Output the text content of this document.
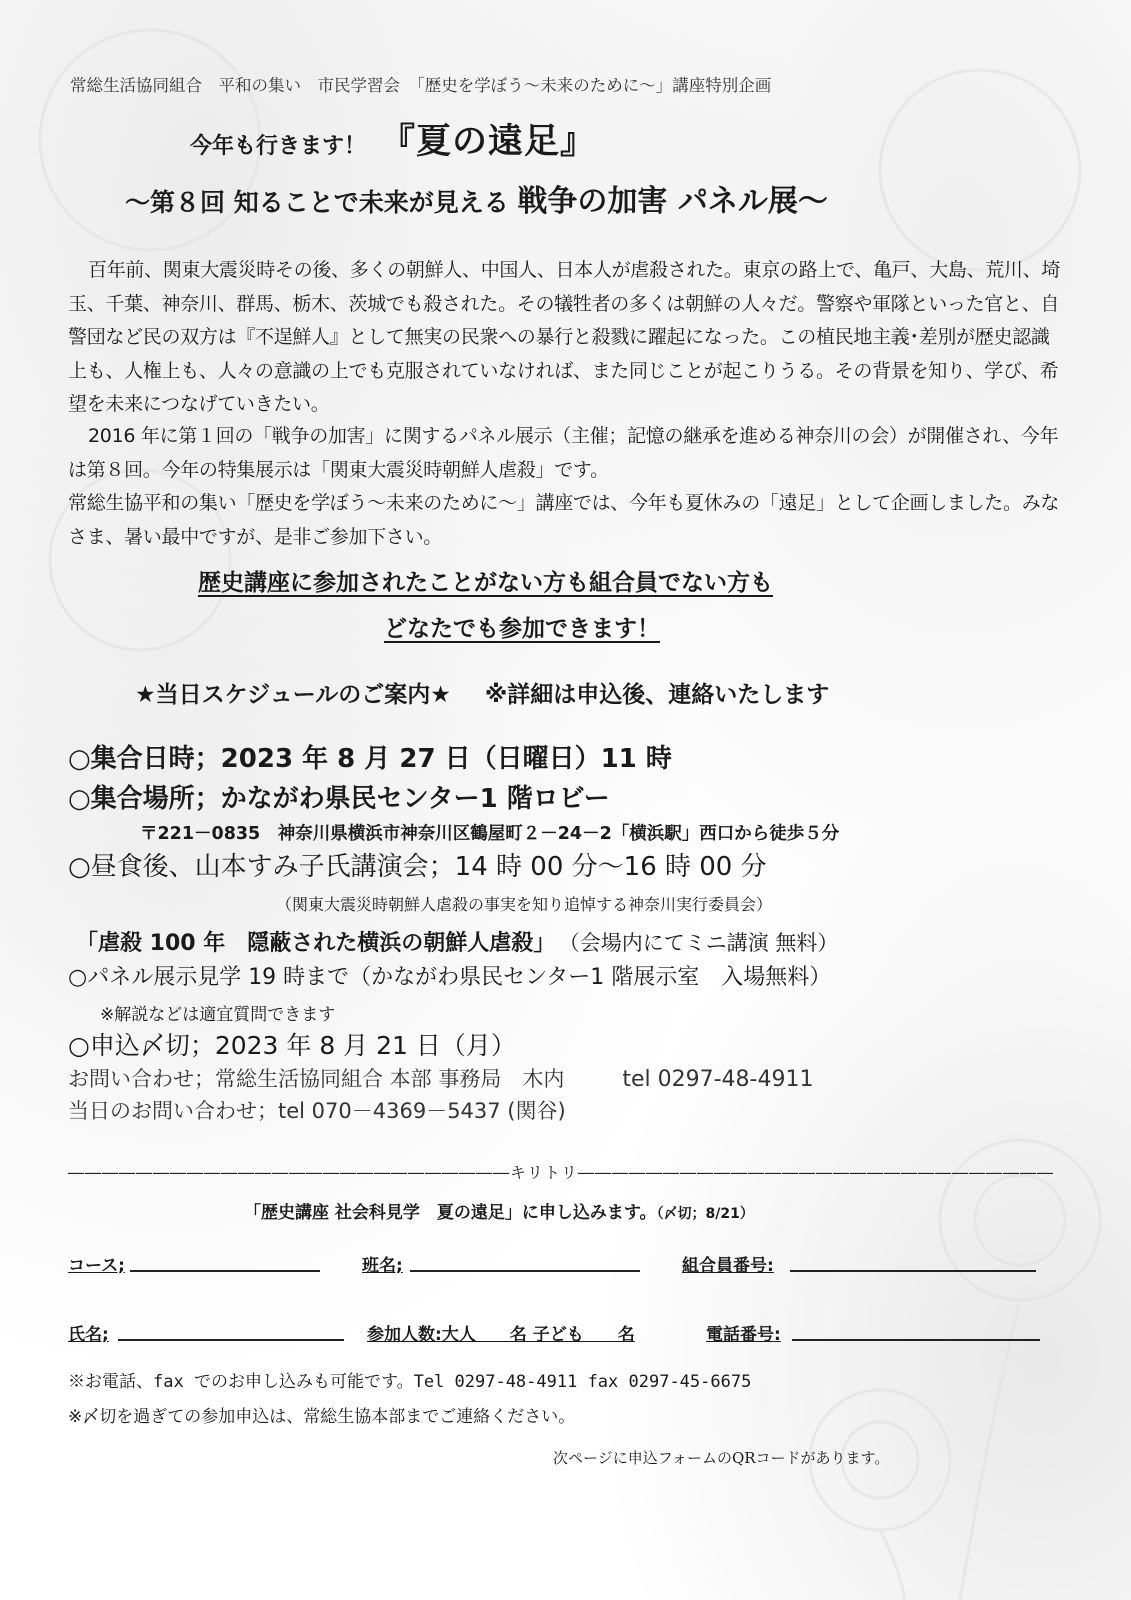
常総生活協同組合　平和の集い　市民学習会　「歴史を学ぼう～未来のために～」講座特別企画
今年も行きます！ 『夏の遠足』
～第８回 知ることで未来が見える 戦争の加害 パネル展～
百年前、関東大震災時その後、多くの朝鮮人、中国人、日本人が虐殺された。東京の路上で、亀戸、大島、荒川、埼玉、千葉、神奈川、群馬、栃木、茨城でも殺された。その犠牲者の多くは朝鮮の人々だ。警察や軍隊といった官と、自警団など民の双方は『不逞鮮人』として無実の民衆への暴行と殺戮に躍起になった。この植民地主義･差別が歴史認識上も、人権上も、人々の意識の上でも克服されていなければ、また同じことが起こりうる。その背景を知り、学び、希望を未来につなげていきたい。
2016 年に第１回の「戦争の加害」に関するパネル展示（主催；記憶の継承を進める神奈川の会）が開催され、今年は第８回。今年の特集展示は「関東大震災時朝鮮人虐殺」です。
常総生協平和の集い「歴史を学ぼう～未来のために～」講座では、今年も夏休みの「遠足」として企画しました。みなさま、暑い最中ですが、是非ご参加下さい。
歴史講座に参加されたことがない方も組合員でない方も
どなたでも参加できます！
★当日スケジュールのご案内★ ※詳細は申込後、連絡いたします
○集合日時；2023 年 8 月 27 日（日曜日）11 時
○集合場所；かながわ県民センター1 階ロビー
〒221－0835　神奈川県横浜市神奈川区鶴屋町２－24－2「横浜駅」西口から徒歩５分
○昼食後、山本すみ子氏講演会；14 時 00 分～16 時 00 分
（関東大震災時朝鮮人虐殺の事実を知り追悼する神奈川実行委員会）
「虐殺 100 年　隠蔽された横浜の朝鮮人虐殺」 （会場内にてミニ講演 無料）
○パネル展示見学 19 時まで（かながわ県民センター1 階展示室　入場無料）
※解説などは適宜質問できます
○申込〆切；2023 年 8 月 21 日（月）
お問い合わせ；常総生活協同組合 本部 事務局　木内	tel 0297-48-4911
当日のお問い合わせ；tel 070－4369－5437 (関谷)
――――――――――――――――――――――――――キリトリ――――――――――――――――――――――――――――
「歴史講座 社会科見学　夏の遠足」に申し込みます。（〆切；8/21）
コース;	班名;	組合員番号:
氏名;	参加人数:大人　　名 子ども　　名	電話番号:
※お電話、fax でのお申し込みも可能です。Tel 0297-48-4911 fax 0297-45-6675
※〆切を過ぎての参加申込は、常総生協本部までご連絡ください。
次ページに申込フォームのQRコードがあります。
